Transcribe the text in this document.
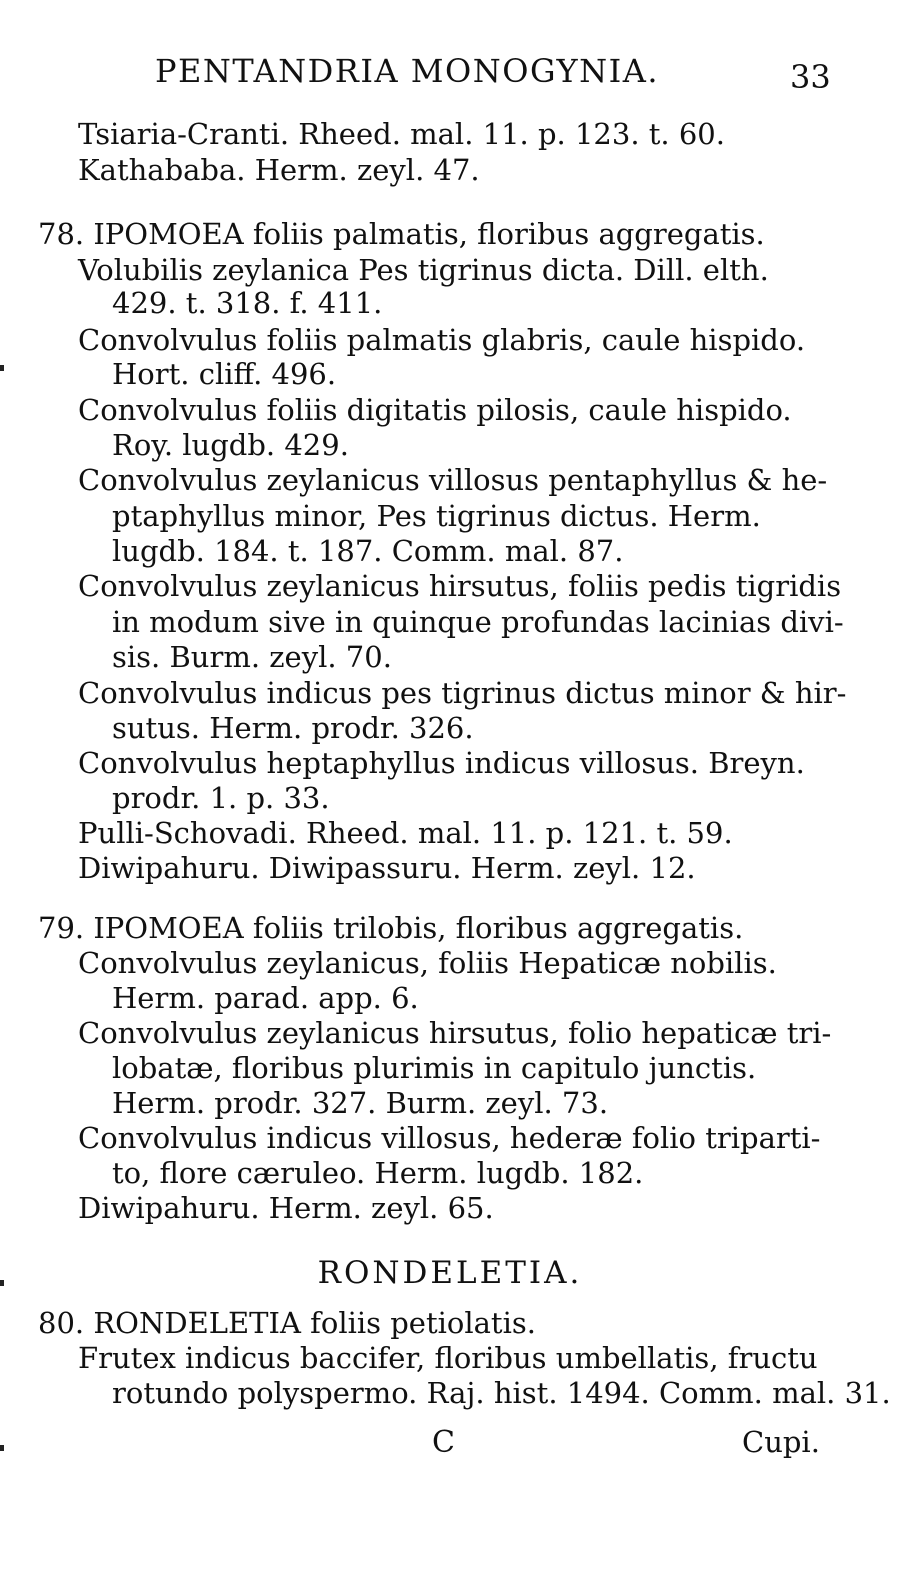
PENTANDRIA MONOGYNIA.	33
Tsiaria-Cranti. Rheed. mal. 11. p. 123. t. 60.
Kathababa. Herm. zeyl. 47.
78. IPOMOEA foliis palmatis, floribus aggregatis.
Volubilis zeylanica Pes tigrinus dicta. Dill. elth.
429. t. 318. f. 411.
Convolvulus foliis palmatis glabris, caule hispido.
Hort. cliff. 496.
Convolvulus foliis digitatis pilosis, caule hispido.
Roy. lugdb. 429.
Convolvulus zeylanicus villosus pentaphyllus & he-
ptaphyllus minor, Pes tigrinus dictus. Herm.
lugdb. 184. t. 187. Comm. mal. 87.
Convolvulus zeylanicus hirsutus, foliis pedis tigridis
in modum sive in quinque profundas lacinias divi-
sis. Burm. zeyl. 70.
Convolvulus indicus pes tigrinus dictus minor & hir-
sutus. Herm. prodr. 326.
Convolvulus heptaphyllus indicus villosus. Breyn.
prodr. 1. p. 33.
Pulli-Schovadi. Rheed. mal. 11. p. 121. t. 59.
Diwipahuru. Diwipassuru. Herm. zeyl. 12.
79. IPOMOEA foliis trilobis, floribus aggregatis.
Convolvulus zeylanicus, foliis Hepaticæ nobilis.
Herm. parad. app. 6.
Convolvulus zeylanicus hirsutus, folio hepaticæ tri-
lobatæ, floribus plurimis in capitulo junctis.
Herm. prodr. 327. Burm. zeyl. 73.
Convolvulus indicus villosus, hederæ folio triparti-
to, flore cæruleo. Herm. lugdb. 182.
Diwipahuru. Herm. zeyl. 65.
RONDELETIA.
80. RONDELETIA foliis petiolatis.
Frutex indicus baccifer, floribus umbellatis, fructu
rotundo polyspermo. Raj. hist. 1494. Comm. mal. 31.
C	Cupi.
